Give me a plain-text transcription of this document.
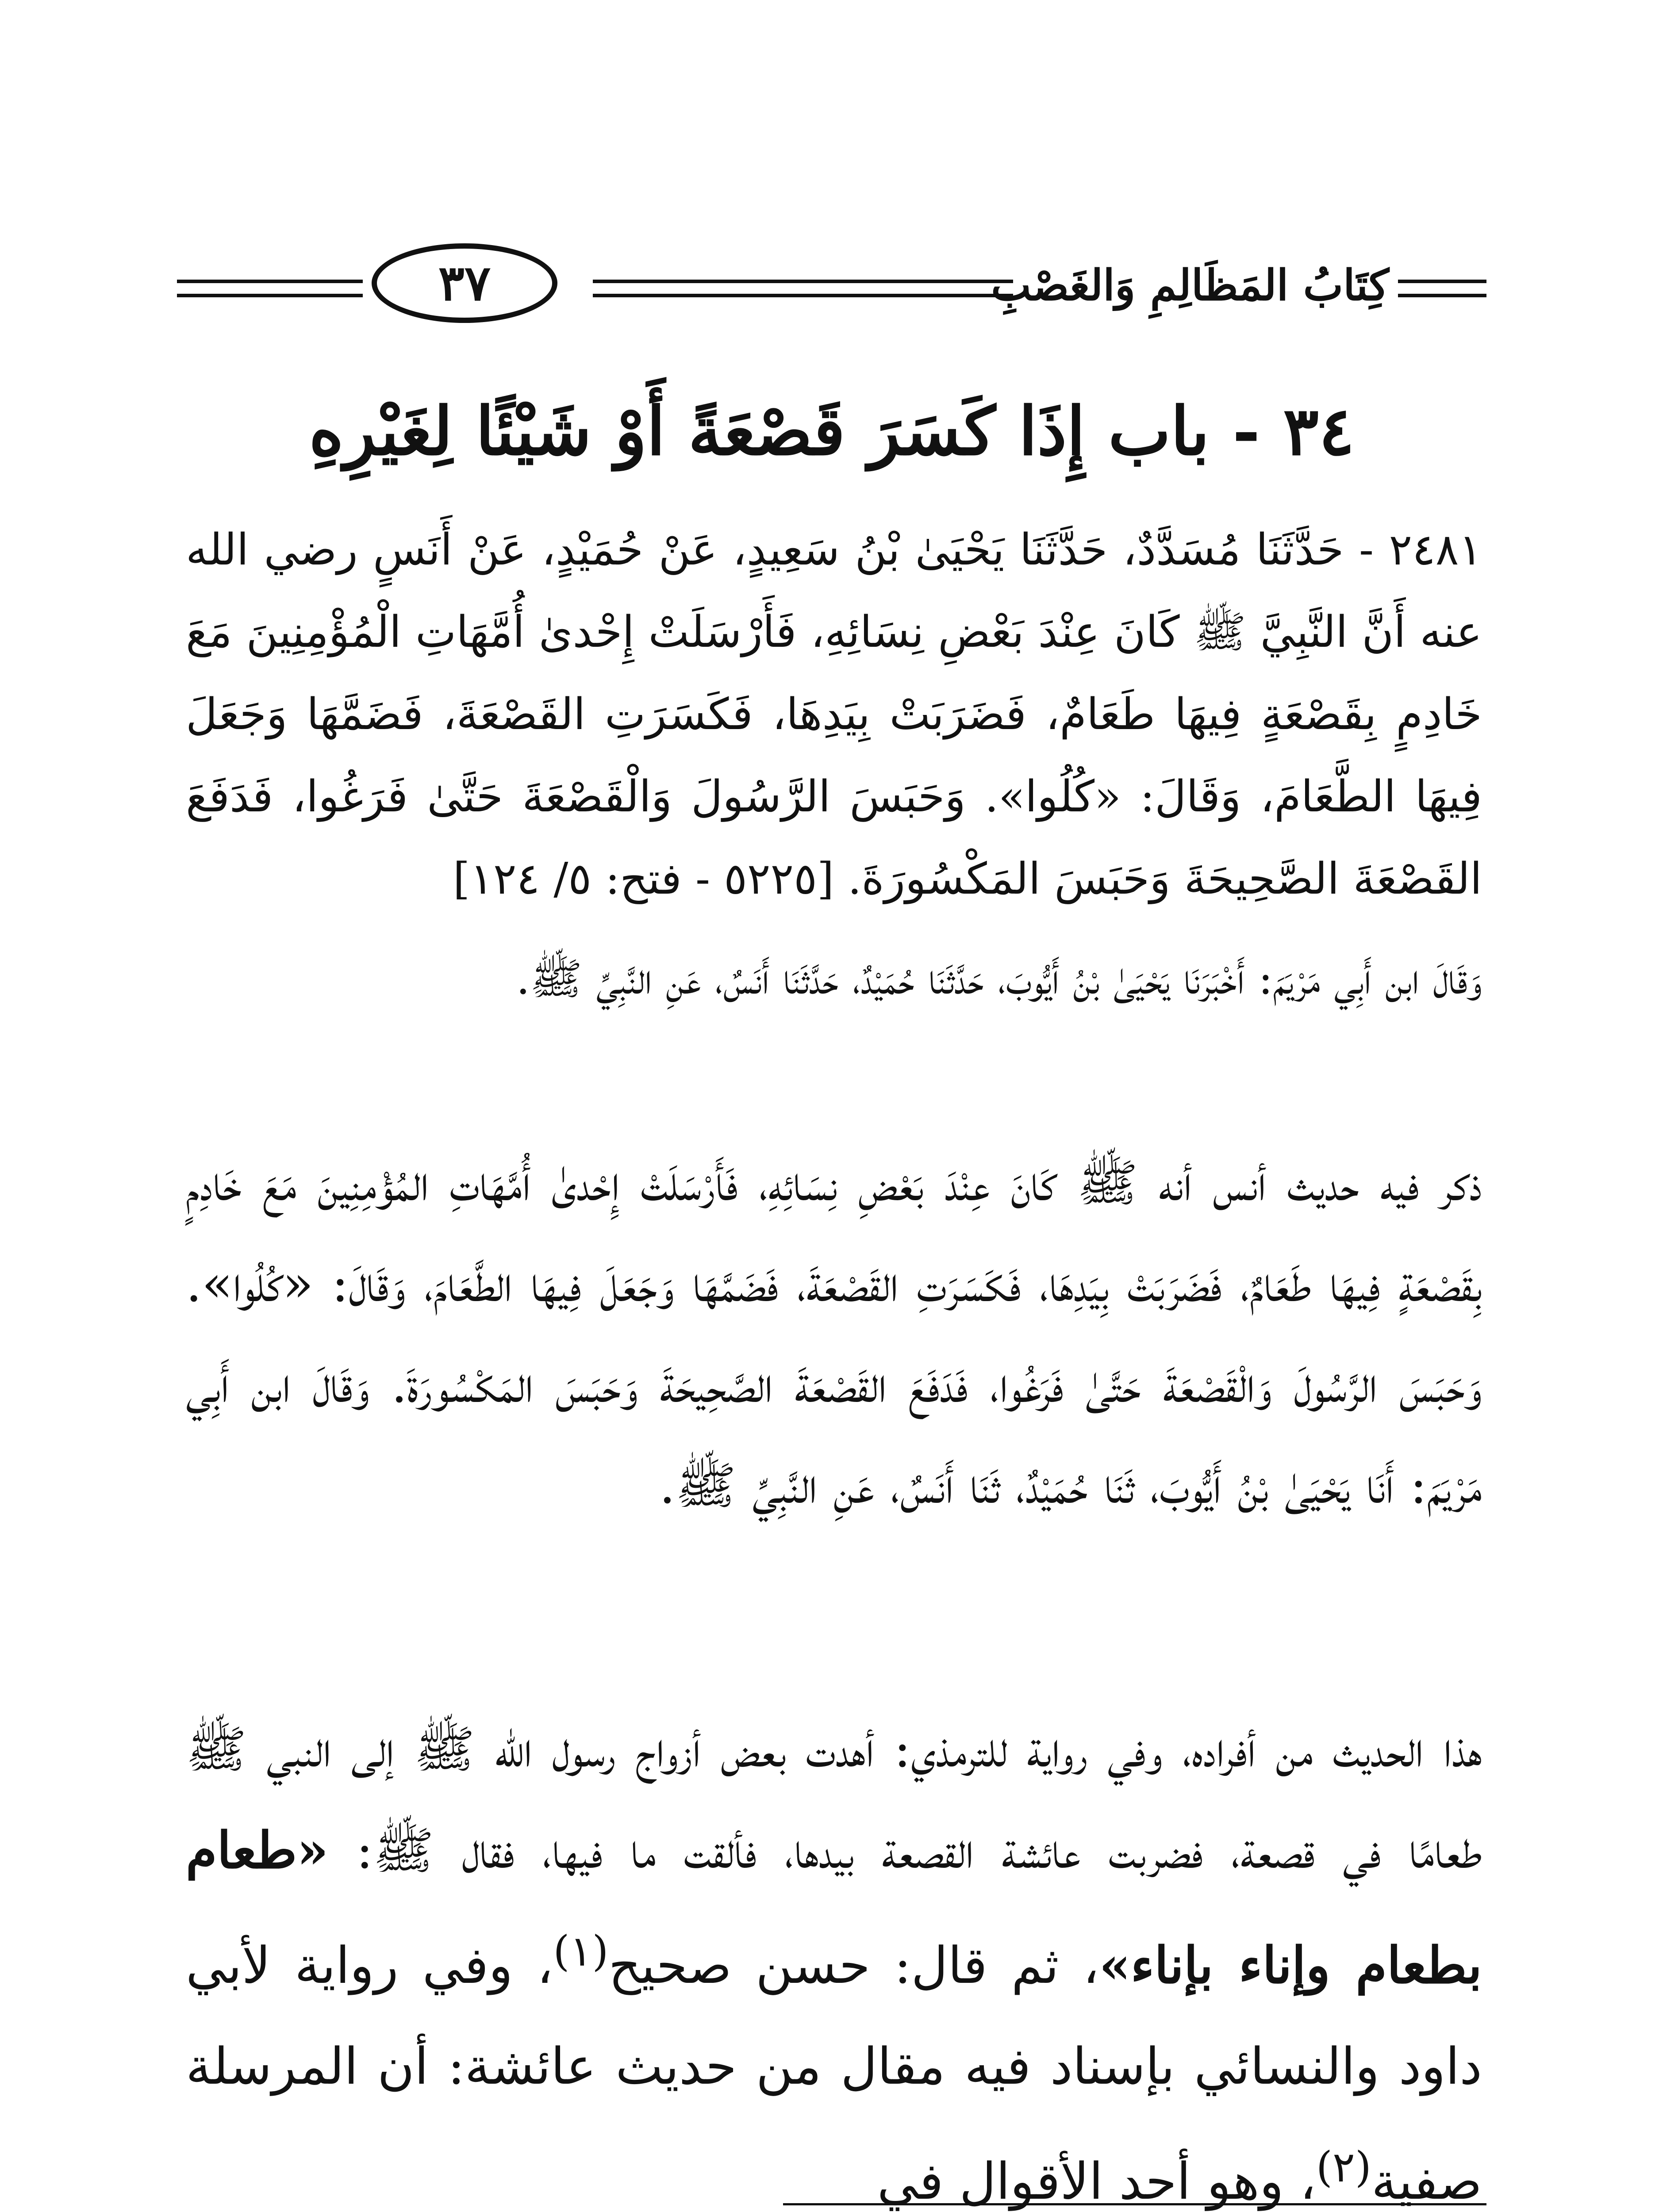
٣٧	كِتَابُ المَظَالِمِ وَالغَصْبِ
٣٤ - باب إِذَا كَسَرَ قَصْعَةً أَوْ شَيْئًا لِغَيْرِهِ
٢٤٨١ - حَدَّثَنَا مُسَدَّدٌ، حَدَّثَنَا يَحْيَىٰ بْنُ سَعِيدٍ، عَنْ حُمَيْدٍ، عَنْ أَنَسٍ رضي الله عنه أَنَّ النَّبِيَّ ﷺ كَانَ عِنْدَ بَعْضِ نِسَائِهِ، فَأَرْسَلَتْ إِحْدىٰ أُمَّهَاتِ الْمُؤْمِنِينَ مَعَ خَادِمٍ بِقَصْعَةٍ فِيهَا طَعَامٌ، فَضَرَبَتْ بِيَدِهَا، فَكَسَرَتِ القَصْعَةَ، فَضَمَّهَا وَجَعَلَ فِيهَا الطَّعَامَ، وَقَالَ: «كُلُوا». وَحَبَسَ الرَّسُولَ وَالْقَصْعَةَ حَتَّىٰ فَرَغُوا، فَدَفَعَ القَصْعَةَ الصَّحِيحَةَ وَحَبَسَ المَكْسُورَةَ. [٥٢٢٥ - فتح: ٥/ ١٢٤]
وَقَالَ ابن أَبِي مَرْيَمَ: أَخْبَرَنَا يَحْيَىٰ بْنُ أَيُّوبَ، حَدَّثَنَا حُمَيْدٌ، حَدَّثَنَا أَنَسٌ، عَنِ النَّبِيِّ ﷺ.
ذكر فيه حديث أنس أنه ﷺ كَانَ عِنْدَ بَعْضِ نِسَائِهِ، فَأَرْسَلَتْ إِحْدىٰ أُمَّهَاتِ المُؤْمِنِينَ مَعَ خَادِمٍ بِقَصْعَةٍ فِيهَا طَعَامٌ، فَضَرَبَتْ بِيَدِهَا، فَكَسَرَتِ القَصْعَةَ، فَضَمَّهَا وَجَعَلَ فِيهَا الطَّعَامَ، وَقَالَ: «كُلُوا». وَحَبَسَ الرَّسُولَ وَالْقَصْعَةَ حَتَّىٰ فَرَغُوا، فَدَفَعَ القَصْعَةَ الصَّحِيحَةَ وَحَبَسَ المَكْسُورَةَ. وَقَالَ ابن أَبِي مَرْيَمَ: أَنَا يَحْيَىٰ بْنُ أَيُّوبَ، ثَنَا حُمَيْدٌ، ثَنَا أَنَسٌ، عَنِ النَّبِيِّ ﷺ.
هذا الحديث من أفراده، وفي رواية للترمذي: أهدت بعض أزواج رسول الله ﷺ إلى النبي ﷺ طعامًا في قصعة، فضربت عائشة القصعة بيدها، فألقت ما فيها، فقال ﷺ: «طعام بطعام وإناء بإناء»، ثم قال: حسن صحيح$^{(١)}$، وفي رواية لأبي داود والنسائي بإسناد فيه مقال من حديث عائشة: أن المرسلة صفية$^{(٢)}$، وهو أحد الأقوال في
